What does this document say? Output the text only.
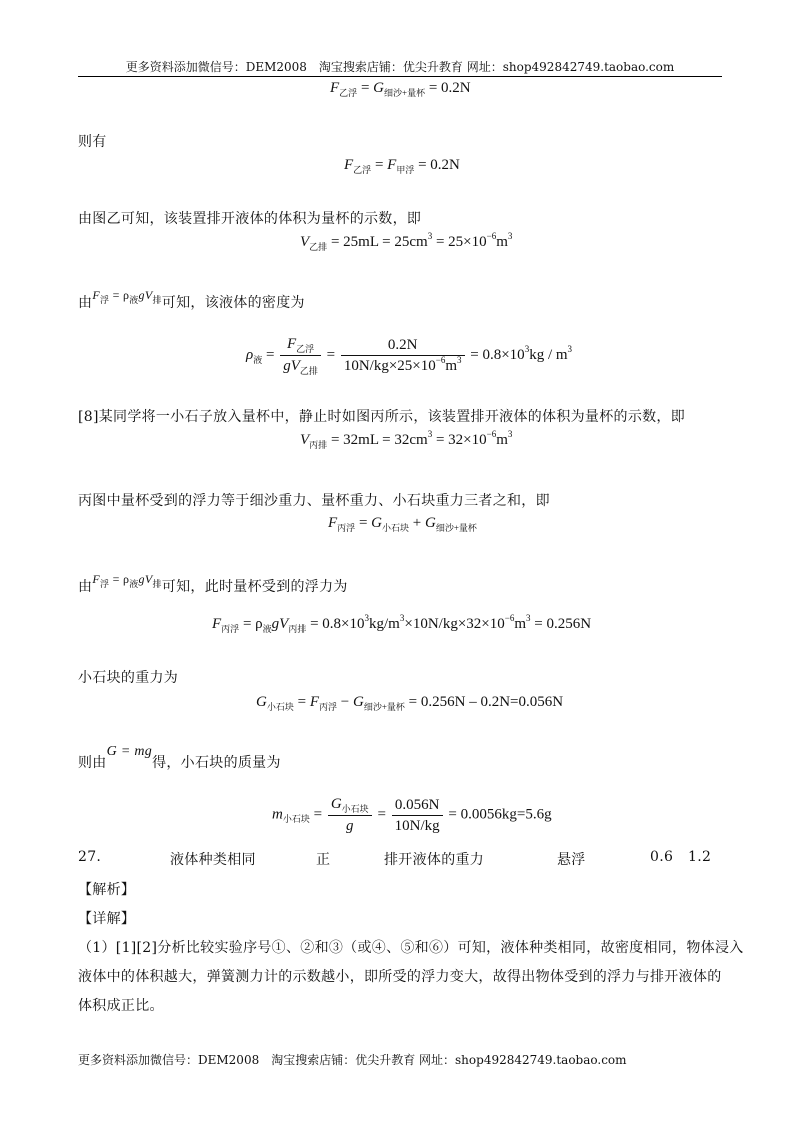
更多资料添加微信号：DEM2008　淘宝搜索店铺：优尖升教育 网址：shop492842749.taobao.com
$F_{乙浮} = G_{细沙+量杯} = 0.2N$
则有
$F_{乙浮} = F_{甲浮} = 0.2N$
由图乙可知，该装置排开液体的体积为量杯的示数，即
$V_{乙排} = 25mL = 25cm^3 = 25\times 10^{-6}m^3$
由$F_浮 = \rho_液gV_排$可知，该液体的密度为
$\rho_液 = \frac{F_{乙浮}}{gV_{乙排}} = \frac{0.2N}{10N/kg\times 25\times 10^{-6}m^3} = 0.8\times 10^3kg / m^3$
[8]某同学将一小石子放入量杯中，静止时如图丙所示，该装置排开液体的体积为量杯的示数，即
$V_{丙排} = 32mL = 32cm^3 = 32\times 10^{-6}m^3$
丙图中量杯受到的浮力等于细沙重力、量杯重力、小石块重力三者之和，即
$F_{丙浮} = G_{小石块} + G_{细沙+量杯}$
由$F_浮 = \rho_液gV_排$可知，此时量杯受到的浮力为
$F_{丙浮} = \rho_液gV_{丙排} = 0.8\times 10^3kg/m^3\times 10N/kg\times 32\times 10^{-6}m^3 = 0.256N$
小石块的重力为
$G_{小石块} = F_{丙浮} - G_{细沙+量杯} = 0.256N - 0.2N=0.056N$
则由G = mg得，小石块的质量为
$m_{小石块} = \frac{G_{小石块}}{g} = \frac{0.056N}{10N/kg} = 0.0056kg=5.6g$
27.	液体种类相同	正	排开液体的重力	悬浮	0.6 1.2
【解析】
【详解】
（1）[1][2]分析比较实验序号①、②和③（或④、⑤和⑥）可知，液体种类相同，故密度相同，物体浸入
液体中的体积越大，弹簧测力计的示数越小，即所受的浮力变大，故得出物体受到的浮力与排开液体的
体积成正比。
更多资料添加微信号：DEM2008　淘宝搜索店铺：优尖升教育 网址：shop492842749.taobao.com
